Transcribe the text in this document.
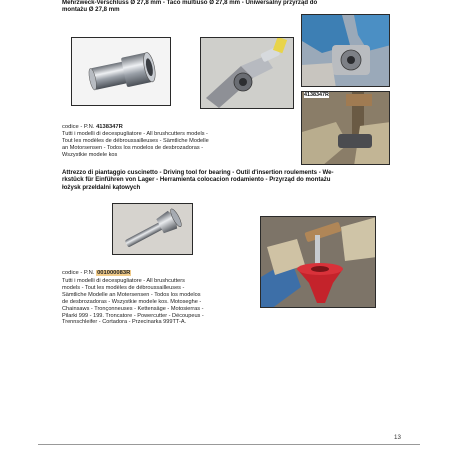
Mehrzweck-Verschluss Ø 27,8 mm - Taco multiuso Ø 27,8 mm - Uniwersalny przyrząd do
montażu Ø 27,8 mm
4138347R
codice - P.N. 4138347R
Tutti i modelli di decespugliatore - All brushcutters models -
Tout les modèles de débroussailleuses - Sämtliche Modelle
an Motorsensen - Todos los modelos de desbrozadoras -
Wszystkie modele kos
Attrezzo di piantaggio cuscinetto - Driving tool for bearing - Outil d'insertion roulements - We-
rkstück für Einführen von Lager - Herramienta colocacion rodamiento - Przyrząd do montażu
łożysk przeldalni kątowych
codice - P.N. 001000083R
Tutti i modelli di decespugliatore - All brushcutters
models - Tout les modèles de débroussailleuses -
Sämtliche Modelle an Motersensen - Todos los modelos
de desbrozadoras - Wszystkie modele kos. Motoseghe -
Chainsaws - Tronçonneuses - Kettensäge - Motosierras -
Pilarki 999 - 199. Troncatore - Powercutter - Découpeus -
Trennschleifer - Cortadora - Przecinarka 999TT-A.
13
